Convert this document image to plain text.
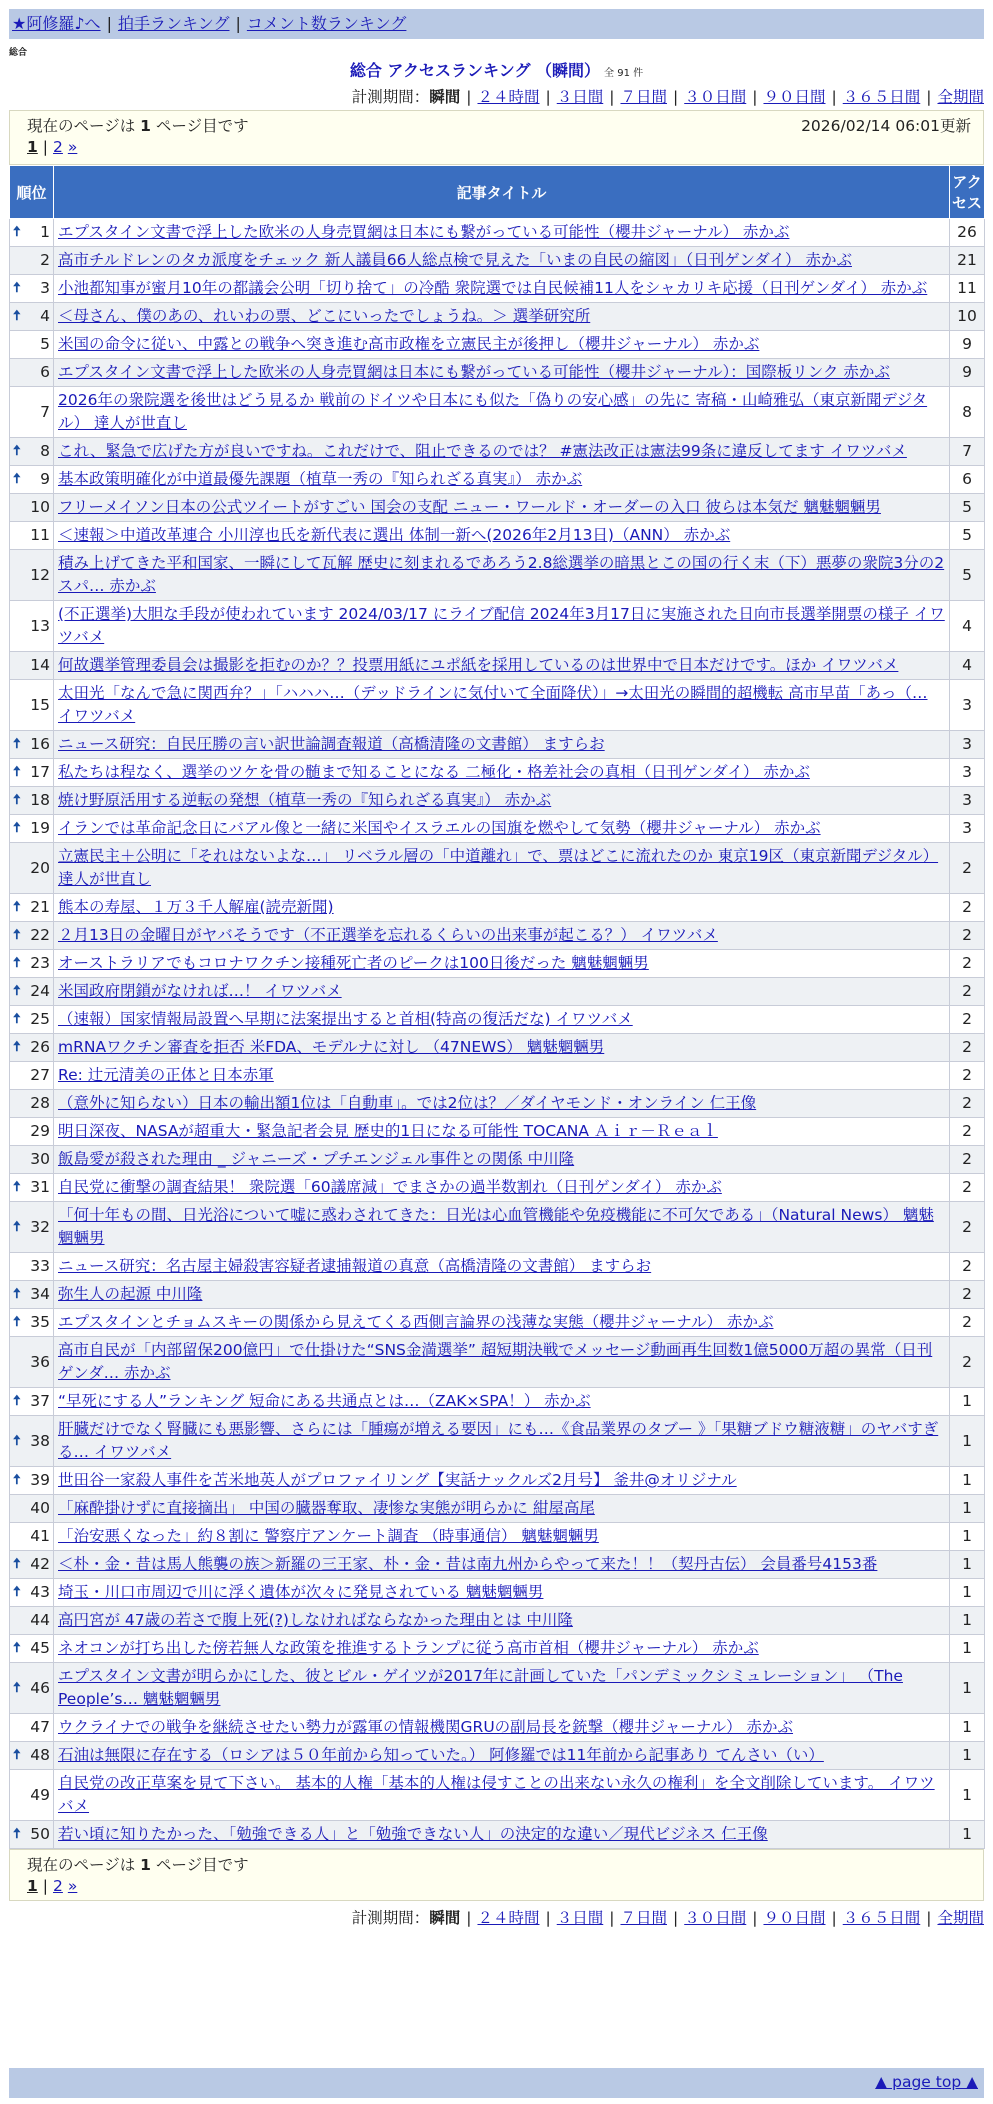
★阿修羅♪へ | 拍手ランキング | コメント数ランキング
総合
総合 アクセスランキング （瞬間） 全 91 件
計測期間：瞬間 | ２４時間 | ３日間 | ７日間 | ３０日間 | ９０日間 | ３６５日間 | 全期間
現在のページは 1 ページ目です	2026/02/14 06:01更新
1 | 2 »
順位	記事タイトル	アクセス

🠅 1	エプスタイン文書で浮上した欧米の人身売買網は日本にも繋がっている可能性（櫻井ジャーナル） 赤かぶ	26
2	高市チルドレンのタカ派度をチェック 新人議員66人総点検で見えた「いまの自民の縮図」（日刊ゲンダイ） 赤かぶ	21

🠅 3	小池都知事が蜜月10年の都議会公明「切り捨て」の冷酷 衆院選では自民候補11人をシャカリキ応援（日刊ゲンダイ） 赤かぶ	11

🠅 4	＜母さん、僕のあの、れいわの票、どこにいったでしょうね。＞ 選挙研究所	10
5	米国の命令に従い、中露との戦争へ突き進む高市政権を立憲民主が後押し（櫻井ジャーナル） 赤かぶ	9
6	エプスタイン文書で浮上した欧米の人身売買網は日本にも繋がっている可能性（櫻井ジャーナル）：国際板リンク 赤かぶ	9
7	2026年の衆院選を後世はどう見るか 戦前のドイツや日本にも似た「偽りの安心感」の先に 寄稿・山崎雅弘（東京新聞デジタル） 達人が世直し	8

🠅 8	これ、緊急で広げた方が良いですね。これだけで、阻止できるのでは？ #憲法改正は憲法99条に違反してます イワツバメ	7

🠅 9	基本政策明確化が中道最優先課題（植草一秀の『知られざる真実』） 赤かぶ	6
10	フリーメイソン日本の公式ツイートがすごい 国会の支配 ニュー・ワールド・オーダーの入口 彼らは本気だ 魑魅魍魎男	5
11	＜速報＞中道改革連合 小川淳也氏を新代表に選出 体制一新へ(2026年2月13日)（ANN） 赤かぶ	5
12	積み上げてきた平和国家、一瞬にして瓦解 歴史に刻まれるであろう2.8総選挙の暗黒とこの国の行く末（下）悪夢の衆院3分の2 スパ… 赤かぶ	5
13	(不正選挙)大胆な手段が使われています 2024/03/17 にライブ配信 2024年3月17日に実施された日向市長選挙開票の様子 イワツバメ	4
14	何故選挙管理委員会は撮影を拒むのか？？投票用紙にユポ紙を採用しているのは世界中で日本だけです。ほか イワツバメ	4
15	太田光「なんで急に関西弁？」「ハハハ…（デッドラインに気付いて全面降伏）」→太田光の瞬間的超機転 高市早苗「あっ（… イワツバメ	3

🠅 16	ニュース研究：自民圧勝の言い訳世論調査報道（高橋清隆の文書館） ますらお	3

🠅 17	私たちは程なく、選挙のツケを骨の髄まで知ることになる 二極化・格差社会の真相（日刊ゲンダイ） 赤かぶ	3

🠅 18	焼け野原活用する逆転の発想（植草一秀の『知られざる真実』） 赤かぶ	3

🠅 19	イランでは革命記念日にバアル像と一緒に米国やイスラエルの国旗を燃やして気勢（櫻井ジャーナル） 赤かぶ	3
20	立憲民主＋公明に「それはないよな…」 リベラル層の「中道離れ」で、票はどこに流れたのか 東京19区（東京新聞デジタル） 達人が世直し	2

🠅 21	熊本の寿屋、１万３千人解雇(読売新聞)	2

🠅 22	２月13日の金曜日がヤバそうです（不正選挙を忘れるくらいの出来事が起こる？） イワツバメ	2

🠅 23	オーストラリアでもコロナワクチン接種死亡者のピークは100日後だった 魑魅魍魎男	2

🠅 24	米国政府閉鎖がなければ…！ イワツバメ	2

🠅 25	（速報）国家情報局設置へ早期に法案提出すると首相(特高の復活だな) イワツバメ	2

🠅 26	mRNAワクチン審査を拒否 米FDA、モデルナに対し （47NEWS） 魑魅魍魎男	2
27	Re: 辻元清美の正体と日本赤軍	2
28	（意外に知らない）日本の輸出額1位は「自動車」。では2位は？／ダイヤモンド・オンライン 仁王像	2
29	明日深夜、NASAが超重大・緊急記者会見 歴史的1日になる可能性 TOCANA Ａｉｒ－Ｒｅａｌ	2
30	飯島愛が殺された理由 _ ジャニーズ・プチエンジェル事件との関係 中川隆	2

🠅 31	自民党に衝撃の調査結果！ 衆院選「60議席減」でまさかの過半数割れ（日刊ゲンダイ） 赤かぶ	2

🠅 32	「何十年もの間、日光浴について嘘に惑わされてきた：日光は心血管機能や免疫機能に不可欠である」（Natural News） 魑魅魍魎男	2
33	ニュース研究：名古屋主婦殺害容疑者逮捕報道の真意（高橋清隆の文書館） ますらお	2

🠅 34	弥生人の起源 中川隆	2

🠅 35	エプスタインとチョムスキーの関係から見えてくる西側言論界の浅薄な実態（櫻井ジャーナル） 赤かぶ	2
36	高市自民が「内部留保200億円」で仕掛けた“SNS金満選挙” 超短期決戦でメッセージ動画再生回数1億5000万超の異常（日刊ゲンダ… 赤かぶ	2

🠅 37	“早死にする人”ランキング 短命にある共通点とは…（ZAK×SPA！） 赤かぶ	1

🠅 38	肝臓だけでなく腎臓にも悪影響、さらには「腫瘍が増える要因」にも…《食品業界のタブー 》「果糖ブドウ糖液糖」のヤバすぎる… イワツバメ	1

🠅 39	世田谷一家殺人事件を苫米地英人がプロファイリング【実話ナックルズ2月号】 釜井@オリジナル	1
40	「麻酔掛けずに直接摘出」 中国の臓器奪取、凄惨な実態が明らかに 紺屋高尾	1
41	「治安悪くなった」約８割に 警察庁アンケート調査 （時事通信） 魑魅魍魎男	1

🠅 42	＜朴・金・昔は馬人熊襲の族＞新羅の三王家、朴・金・昔は南九州からやって来た！！（契丹古伝） 会員番号4153番	1

🠅 43	埼玉・川口市周辺で川に浮く遺体が次々に発見されている 魑魅魍魎男	1
44	高円宮が 47歳の若さで腹上死(?)しなければならなかった理由とは 中川隆	1

🠅 45	ネオコンが打ち出した傍若無人な政策を推進するトランプに従う高市首相（櫻井ジャーナル） 赤かぶ	1

🠅 46	エプスタイン文書が明らかにした、彼とビル・ゲイツが2017年に計画していた「パンデミックシミュレーション」 （The People’s… 魑魅魍魎男	1
47	ウクライナでの戦争を継続させたい勢力が露軍の情報機関GRUの副局長を銃撃（櫻井ジャーナル） 赤かぶ	1

🠅 48	石油は無限に存在する（ロシアは５０年前から知っていた。） 阿修羅では11年前から記事あり てんさい（い）	1
49	自民党の改正草案を見て下さい。 基本的人権「基本的人権は侵すことの出来ない永久の権利」を全文削除しています。 イワツバメ	1

🠅 50	若い頃に知りたかった、「勉強できる人」と「勉強できない人」の決定的な違い／現代ビジネス 仁王像	1
現在のページは 1 ページ目です
1 | 2 »
計測期間：瞬間 | ２４時間 | ３日間 | ７日間 | ３０日間 | ９０日間 | ３６５日間 | 全期間
▲ page top ▲
